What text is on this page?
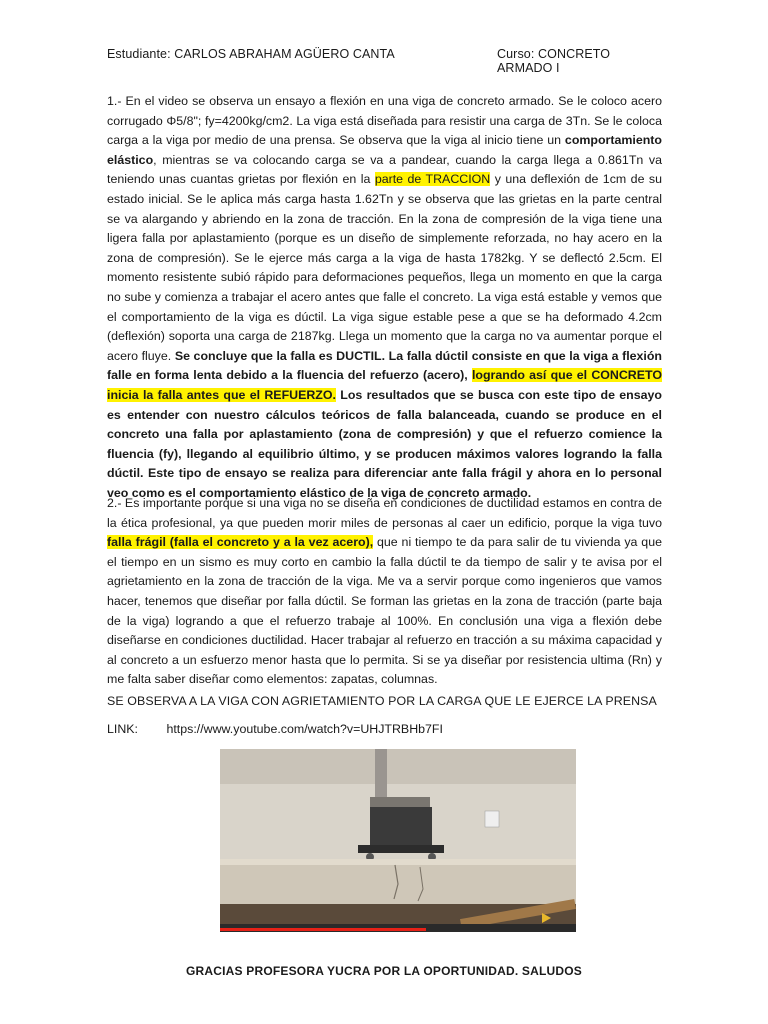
Estudiante: CARLOS ABRAHAM AGÜERO CANTA	Curso: CONCRETO ARMADO I
1.- En el video se observa un ensayo a flexión en una viga de concreto armado. Se le coloco acero corrugado Φ5/8"; fy=4200kg/cm2. La viga está diseñada para resistir una carga de 3Tn. Se le coloca carga a la viga por medio de una prensa. Se observa que la viga al inicio tiene un comportamiento elástico, mientras se va colocando carga se va a pandear, cuando la carga llega a 0.861Tn va teniendo unas cuantas grietas por flexión en la parte de TRACCION y una deflexión de 1cm de su estado inicial. Se le aplica más carga hasta 1.62Tn y se observa que las grietas en la parte central se va alargando y abriendo en la zona de tracción. En la zona de compresión de la viga tiene una ligera falla por aplastamiento (porque es un diseño de simplemente reforzada, no hay acero en la zona de compresión). Se le ejerce más carga a la viga de hasta 1782kg. Y se deflectó 2.5cm. El momento resistente subió rápido para deformaciones pequeños, llega un momento en que la carga no sube y comienza a trabajar el acero antes que falle el concreto. La viga está estable y vemos que el comportamiento de la viga es dúctil. La viga sigue estable pese a que se ha deformado 4.2cm (deflexión) soporta una carga de 2187kg. Llega un momento que la carga no va aumentar porque el acero fluye. Se concluye que la falla es DUCTIL. La falla dúctil consiste en que la viga a flexión falle en forma lenta debido a la fluencia del refuerzo (acero), logrando así que el CONCRETO inicia la falla antes que el REFUERZO. Los resultados que se busca con este tipo de ensayo es entender con nuestro cálculos teóricos de falla balanceada, cuando se produce en el concreto una falla por aplastamiento (zona de compresión) y que el refuerzo comience la fluencia (fy), llegando al equilibrio último, y se producen máximos valores logrando la falla dúctil. Este tipo de ensayo se realiza para diferenciar ante falla frágil y ahora en lo personal veo como es el comportamiento elástico de la viga de concreto armado.
2.- Es importante porque si una viga no se diseña en condiciones de ductilidad estamos en contra de la ética profesional, ya que pueden morir miles de personas al caer un edificio, porque la viga tuvo falla frágil (falla el concreto y a la vez acero), que ni tiempo te da para salir de tu vivienda ya que el tiempo en un sismo es muy corto en cambio la falla dúctil te da tiempo de salir y te avisa por el agrietamiento en la zona de tracción de la viga. Me va a servir porque como ingenieros que vamos hacer, tenemos que diseñar por falla dúctil. Se forman las grietas en la zona de tracción (parte baja de la viga) logrando a que el refuerzo trabaje al 100%. En conclusión una viga a flexión debe diseñarse en condiciones ductilidad. Hacer trabajar al refuerzo en tracción a su máxima capacidad y al concreto a un esfuerzo menor hasta que lo permita. Si se ya diseñar por resistencia ultima (Rn) y me falta saber diseñar como elementos: zapatas, columnas.
SE OBSERVA A LA VIGA CON AGRIETAMIENTO POR LA CARGA QUE LE EJERCE LA PRENSA
LINK: https://www.youtube.com/watch?v=UHJTRBHb7FI
GRACIAS PROFESORA YUCRA POR LA OPORTUNIDAD. SALUDOS
